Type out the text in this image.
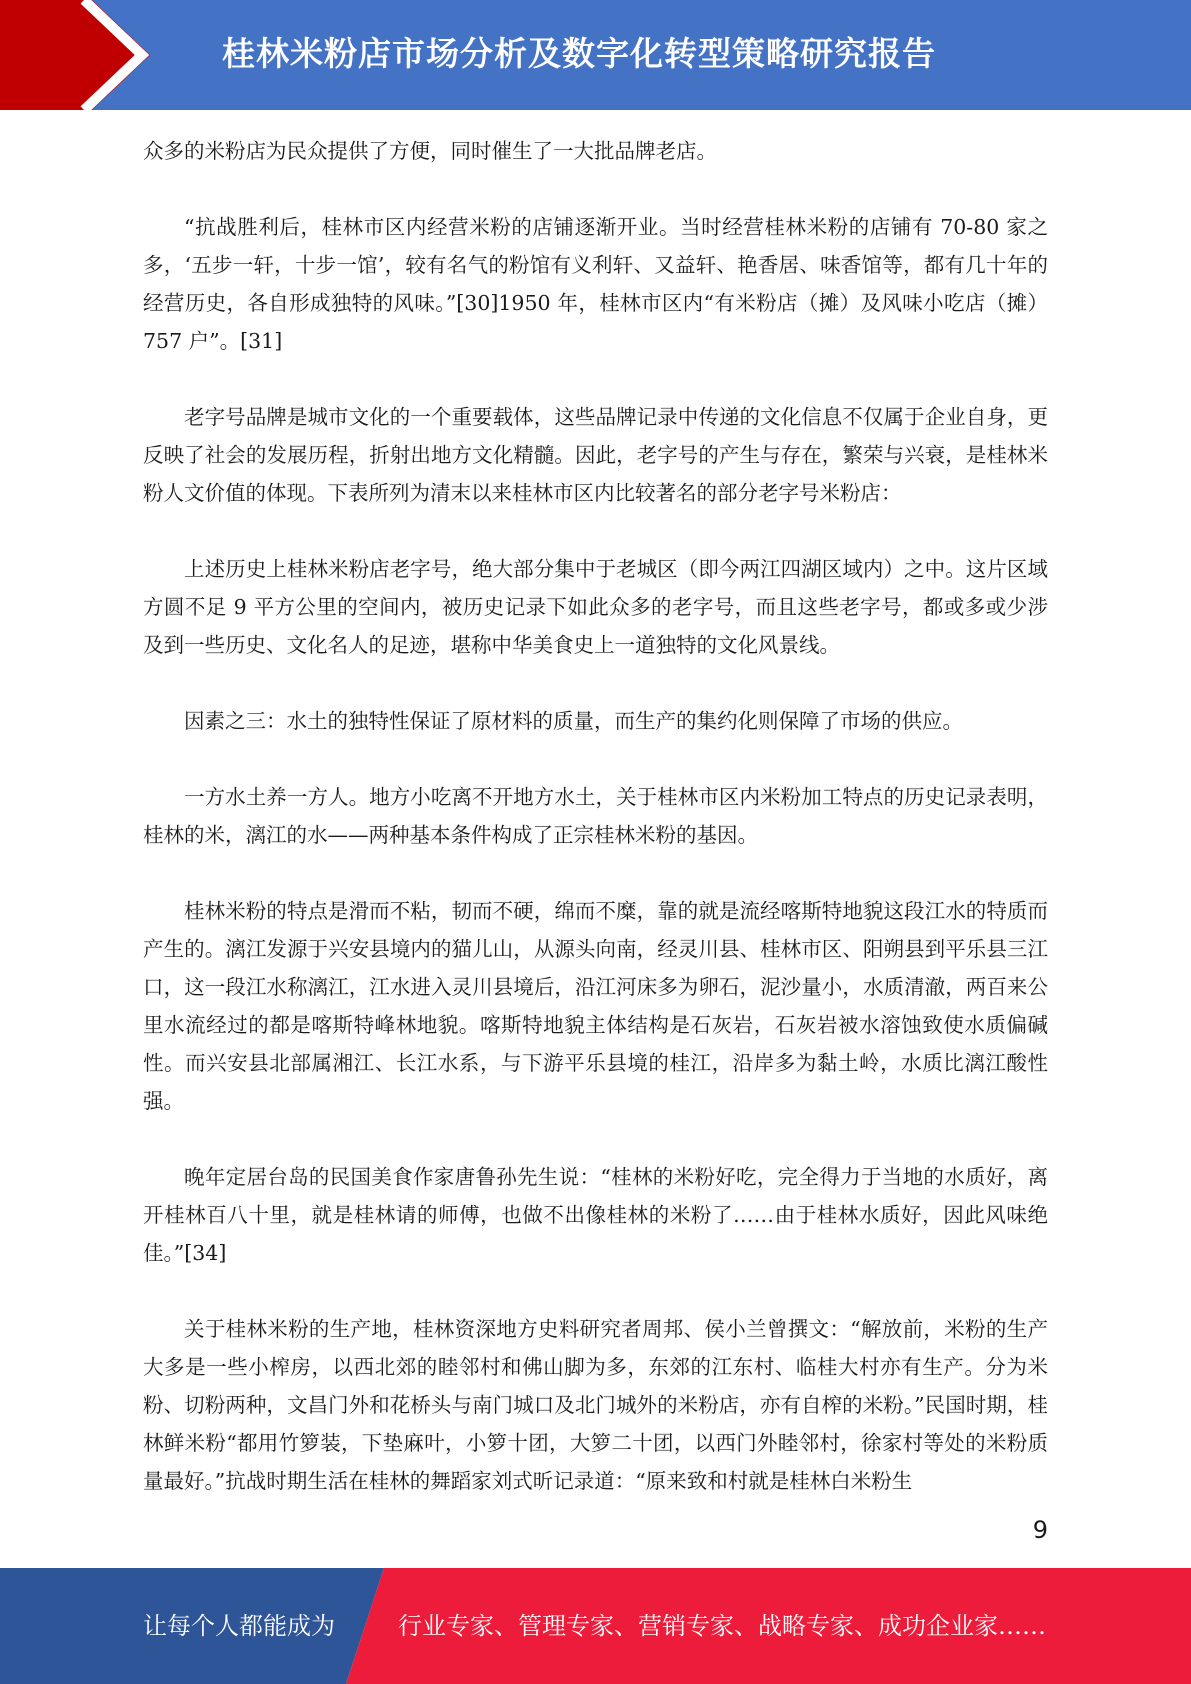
桂林米粉店市场分析及数字化转型策略研究报告

众多的米粉店为民众提供了方便，同时催生了一大批品牌老店。

“抗战胜利后，桂林市区内经营米粉的店铺逐渐开业。当时经营桂林米粉的店铺有 70-80 家之多，‘五步一轩，十步一馆’，较有名气的粉馆有义利轩、又益轩、艳香居、味香馆等，都有几十年的经营历史，各自形成独特的风味。”[30]1950 年，桂林市区内“有米粉店（摊）及风味小吃店（摊）757 户”。[31]

老字号品牌是城市文化的一个重要载体，这些品牌记录中传递的文化信息不仅属于企业自身，更反映了社会的发展历程，折射出地方文化精髓。因此，老字号的产生与存在，繁荣与兴衰，是桂林米粉人文价值的体现。下表所列为清末以来桂林市区内比较著名的部分老字号米粉店：

上述历史上桂林米粉店老字号，绝大部分集中于老城区（即今两江四湖区域内）之中。这片区域方圆不足 9 平方公里的空间内，被历史记录下如此众多的老字号，而且这些老字号，都或多或少涉及到一些历史、文化名人的足迹，堪称中华美食史上一道独特的文化风景线。

因素之三：水土的独特性保证了原材料的质量，而生产的集约化则保障了市场的供应。

一方水土养一方人。地方小吃离不开地方水土，关于桂林市区内米粉加工特点的历史记录表明，桂林的米，漓江的水——两种基本条件构成了正宗桂林米粉的基因。

桂林米粉的特点是滑而不粘，韧而不硬，绵而不糜，靠的就是流经喀斯特地貌这段江水的特质而产生的。漓江发源于兴安县境内的猫儿山，从源头向南，经灵川县、桂林市区、阳朔县到平乐县三江口，这一段江水称漓江，江水进入灵川县境后，沿江河床多为卵石，泥沙量小，水质清澈，两百来公里水流经过的都是喀斯特峰林地貌。喀斯特地貌主体结构是石灰岩，石灰岩被水溶蚀致使水质偏碱性。而兴安县北部属湘江、长江水系，与下游平乐县境的桂江，沿岸多为黏土岭，水质比漓江酸性强。

晚年定居台岛的民国美食作家唐鲁孙先生说：“桂林的米粉好吃，完全得力于当地的水质好，离开桂林百八十里，就是桂林请的师傅，也做不出像桂林的米粉了……由于桂林水质好，因此风味绝佳。”[34]

关于桂林米粉的生产地，桂林资深地方史料研究者周邦、侯小兰曾撰文：“解放前，米粉的生产大多是一些小榨房，以西北郊的睦邻村和佛山脚为多，东郊的江东村、临桂大村亦有生产。分为米粉、切粉两种，文昌门外和花桥头与南门城口及北门城外的米粉店，亦有自榨的米粉。”民国时期，桂林鲜米粉“都用竹箩装，下垫麻叶，小箩十团，大箩二十团，以西门外睦邻村，徐家村等处的米粉质量最好。”抗战时期生活在桂林的舞蹈家刘式昕记录道：“原来致和村就是桂林白米粉生

9
让每个人都能成为	行业专家、管理专家、营销专家、战略专家、成功企业家……
